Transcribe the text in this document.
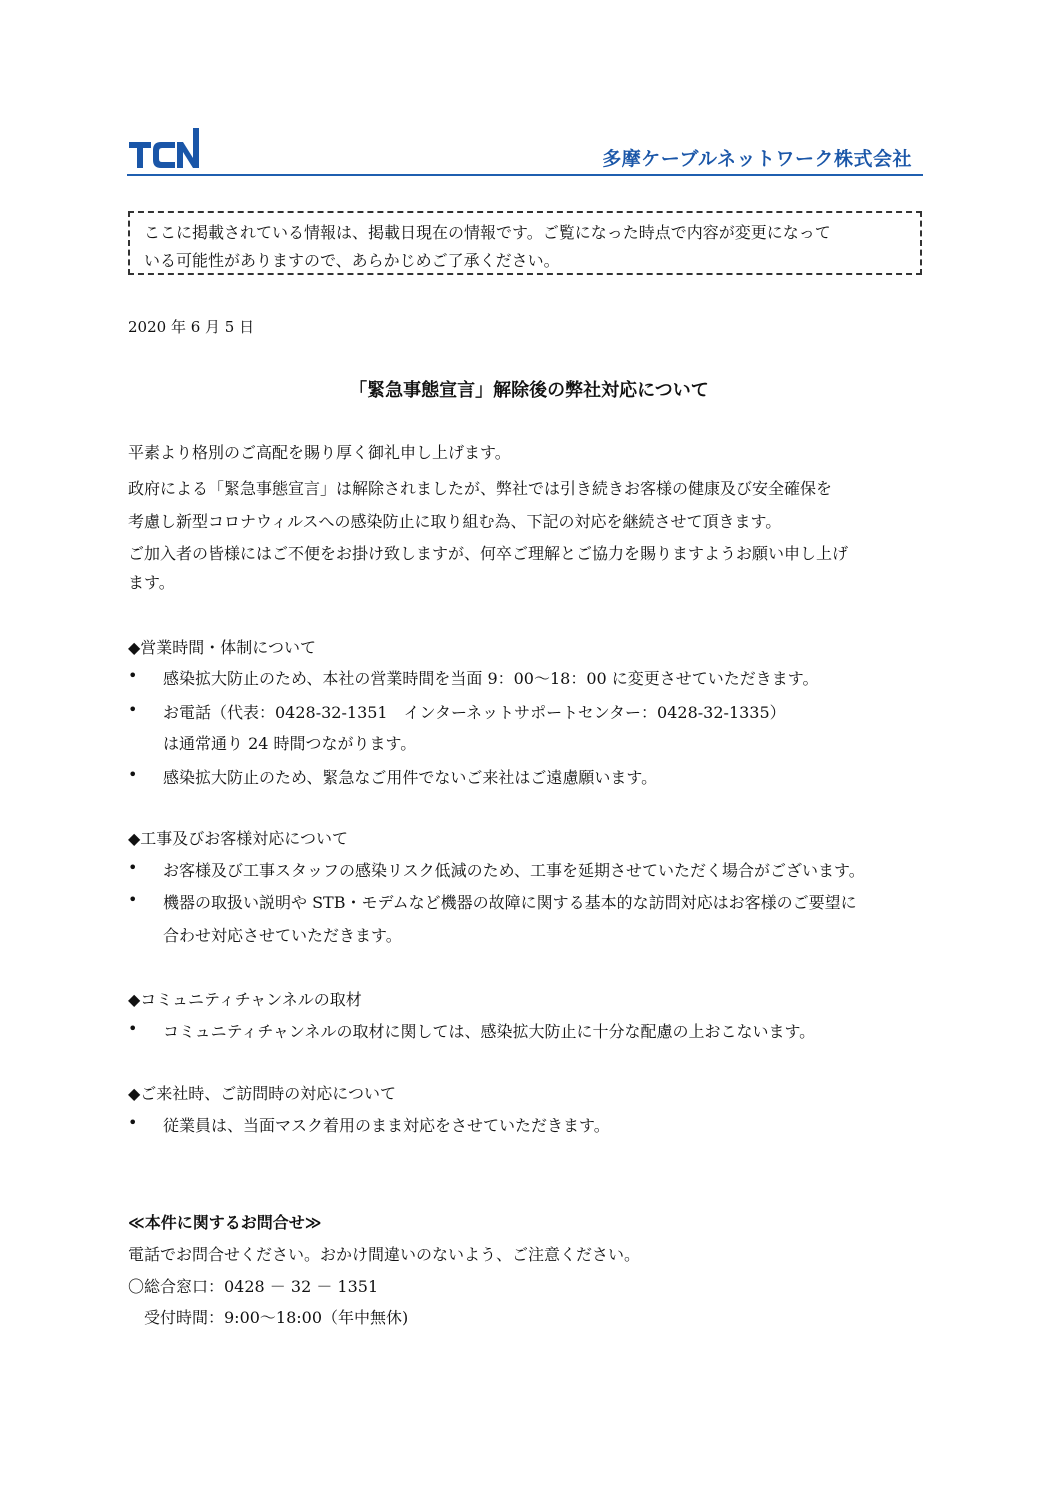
多摩ケーブルネットワーク株式会社

ここに掲載されている情報は、掲載日現在の情報です。ご覧になった時点で内容が変更になって

いる可能性がありますので、あらかじめご了承ください。

2020 年 6 月 5 日
「緊急事態宣言」解除後の弊社対応について
平素より格別のご高配を賜り厚く御礼申し上げます。
政府による「緊急事態宣言」は解除されましたが、弊社では引き続きお客様の健康及び安全確保を
考慮し新型コロナウィルスへの感染防止に取り組む為、下記の対応を継続させて頂きます。
ご加入者の皆様にはご不便をお掛け致しますが、何卒ご理解とご協力を賜りますようお願い申し上げ
ます。
◆営業時間・体制について
• 感染拡大防止のため、本社の営業時間を当面 9：00～18：00 に変更させていただきます。
• お電話（代表：0428-32-1351　インターネットサポートセンター：0428-32-1335）
は通常通り 24 時間つながります。
• 感染拡大防止のため、緊急なご用件でないご来社はご遠慮願います。
◆工事及びお客様対応について
• お客様及び工事スタッフの感染リスク低減のため、工事を延期させていただく場合がございます。
• 機器の取扱い説明や STB・モデムなど機器の故障に関する基本的な訪問対応はお客様のご要望に
合わせ対応させていただきます。
◆コミュニティチャンネルの取材
• コミュニティチャンネルの取材に関しては、感染拡大防止に十分な配慮の上おこないます。
◆ご来社時、ご訪問時の対応について
• 従業員は、当面マスク着用のまま対応をさせていただきます。
≪本件に関するお問合せ≫
電話でお問合せください。おかけ間違いのないよう、ご注意ください。
〇総合窓口：0428 － 32 － 1351
　受付時間：9:00～18:00（年中無休)
